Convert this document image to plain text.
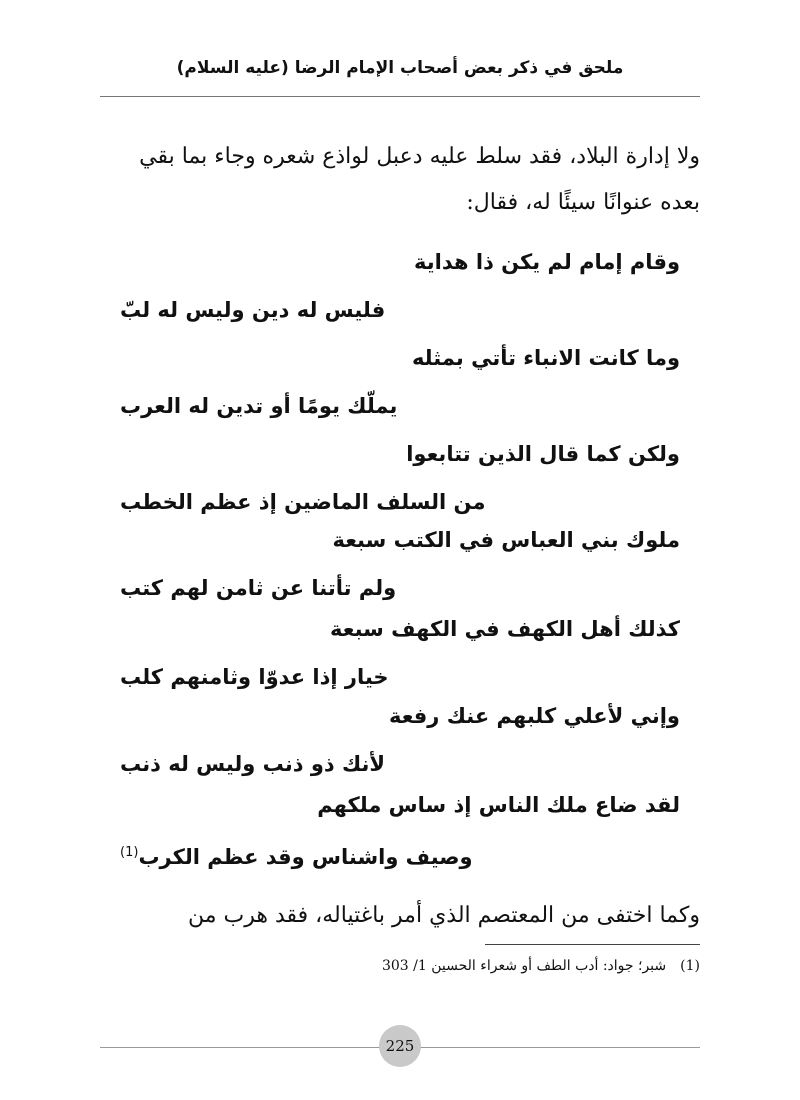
ملحق في ذكر بعض أصحاب الإمام الرضا (عليه السلام)
ولا إدارة البلاد، فقد سلط عليه دعبل لواذع شعره وجاء بما بقي
بعده عنوانًا سيئًا له، فقال:
وقام إمام لم يكن ذا هداية
فليس له دين وليس له لبّ
وما كانت الانباء تأتي بمثله
يملّك يومًا أو تدين له العرب
ولكن كما قال الذين تتابعوا
من السلف الماضين إذ عظم الخطب
ملوك بني العباس في الكتب سبعة
ولم تأتنا عن ثامن لهم كتب
كذلك أهل الكهف في الكهف سبعة
خيار إذا عدوّا وثامنهم كلب
وإني لأعلي كلبهم عنك رفعة
لأنك ذو ذنب وليس له ذنب
لقد ضاع ملك الناس إذ ساس ملكهم
وصيف واشناس وقد عظم الكرب$^{(1)}$
وكما اختفى من المعتصم الذي أمر باغتياله، فقد هرب من
(1)شبر؛ جواد: أدب الطف أو شعراء الحسين 1/ 303
225
